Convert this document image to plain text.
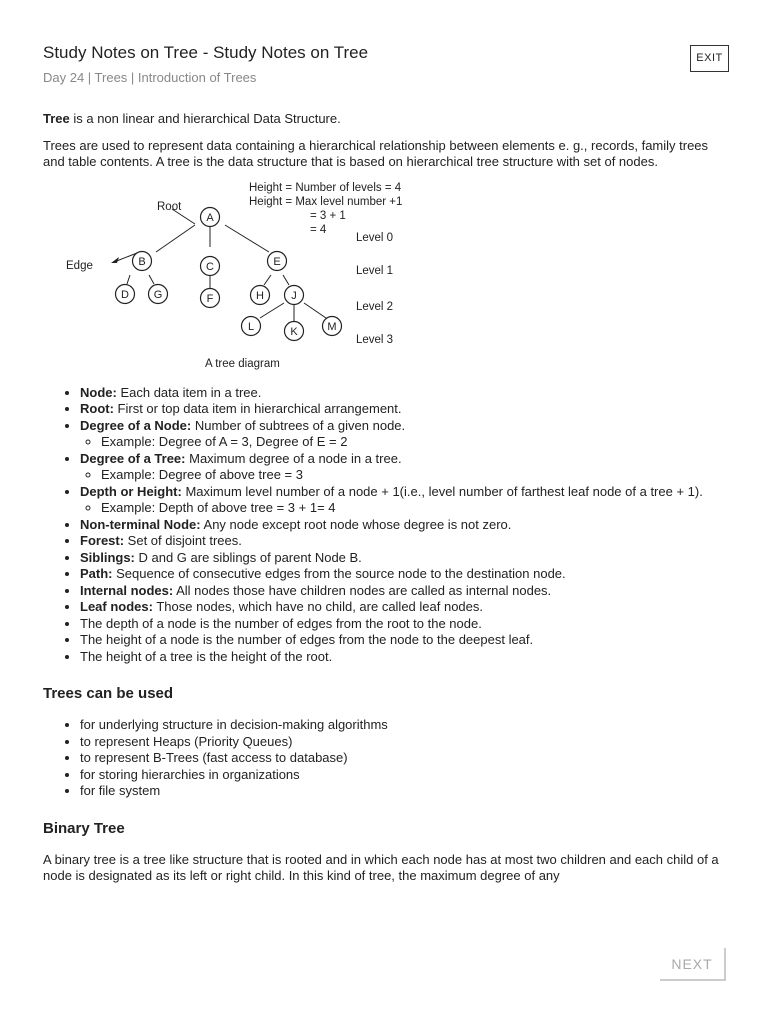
Study Notes on Tree - Study Notes on Tree
Day 24 | Trees | Introduction of Trees
EXIT

Tree is a non linear and hierarchical Data Structure.

Trees are used to represent data containing a hierarchical relationship between elements e. g., records, family trees and table contents. A tree is the data structure that is based on hierarchical tree structure with set of nodes.

A
B	C	E
D G	F	H J
L	K	M
Height = Number of levels = 4
Height = Max level number +1
= 3 + 1
= 4
Root
Edge
Level 0
Level 1
Level 2
Level 3
A tree diagram
• Node: Each data item in a tree.
• Root: First or top data item in hierarchical arrangement.
• Degree of a Node: Number of subtrees of a given node.
◦ Example: Degree of A = 3, Degree of E = 2
• Degree of a Tree: Maximum degree of a node in a tree.
◦ Example: Degree of above tree = 3
• Depth or Height: Maximum level number of a node + 1(i.e., level number of farthest leaf node of a tree + 1).
◦ Example: Depth of above tree = 3 + 1= 4
• Non-terminal Node: Any node except root node whose degree is not zero.
• Forest: Set of disjoint trees.
• Siblings: D and G are siblings of parent Node B.
• Path: Sequence of consecutive edges from the source node to the destination node.
• Internal nodes: All nodes those have children nodes are called as internal nodes.
• Leaf nodes: Those nodes, which have no child, are called leaf nodes.
• The depth of a node is the number of edges from the root to the node.
• The height of a node is the number of edges from the node to the deepest leaf.
• The height of a tree is the height of the root.
Trees can be used
• for underlying structure in decision-making algorithms
• to represent Heaps (Priority Queues)
• to represent B-Trees (fast access to database)
• for storing hierarchies in organizations
• for file system
Binary Tree

A binary tree is a tree like structure that is rooted and in which each node has at most two children and each child of a node is designated as its left or right child. In this kind of tree, the maximum degree of any

NEXT
